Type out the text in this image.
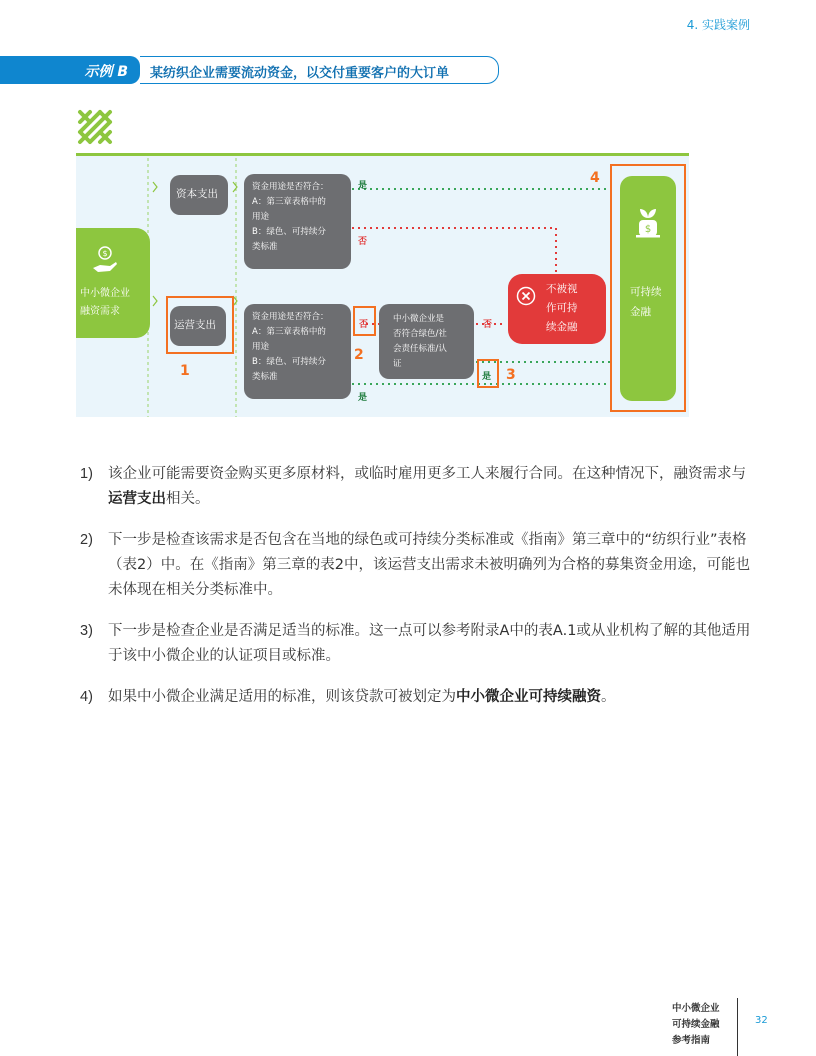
4. 实践案例
示例 B 某纺织企业需要流动资金，以交付重要客户的大订单
$
中小微企业
融资需求
资本支出
运营支出
资金用途是否符合：
A：第三章表格中的
用途
B：绿色、可持续分
类标准
资金用途是否符合：
A：第三章表格中的
用途
B：绿色、可持续分
类标准
中小微企业是
否符合绿色/社
会责任标准/认
证
不被视
作可持
续金融
$
可持续
金融
是
否
否	否
是
是
1
2
3
4
1) 该企业可能需要资金购买更多原材料，或临时雇用更多工人来履行合同。在这种情况下，融资需求与运营支出相关。
2) 下一步是检查该需求是否包含在当地的绿色或可持续分类标准或《指南》第三章中的“纺织行业”表格（表2）中。在《指南》第三章的表2中，该运营支出需求未被明确列为合格的募集资金用途，可能也未体现在相关分类标准中。
3) 下一步是检查企业是否满足适当的标准。这一点可以参考附录A中的表A.1或从业机构了解的其他适用于该中小微企业的认证项目或标准。
4) 如果中小微企业满足适用的标准，则该贷款可被划定为中小微企业可持续融资。
中小微企业
可持续金融
参考指南
32
